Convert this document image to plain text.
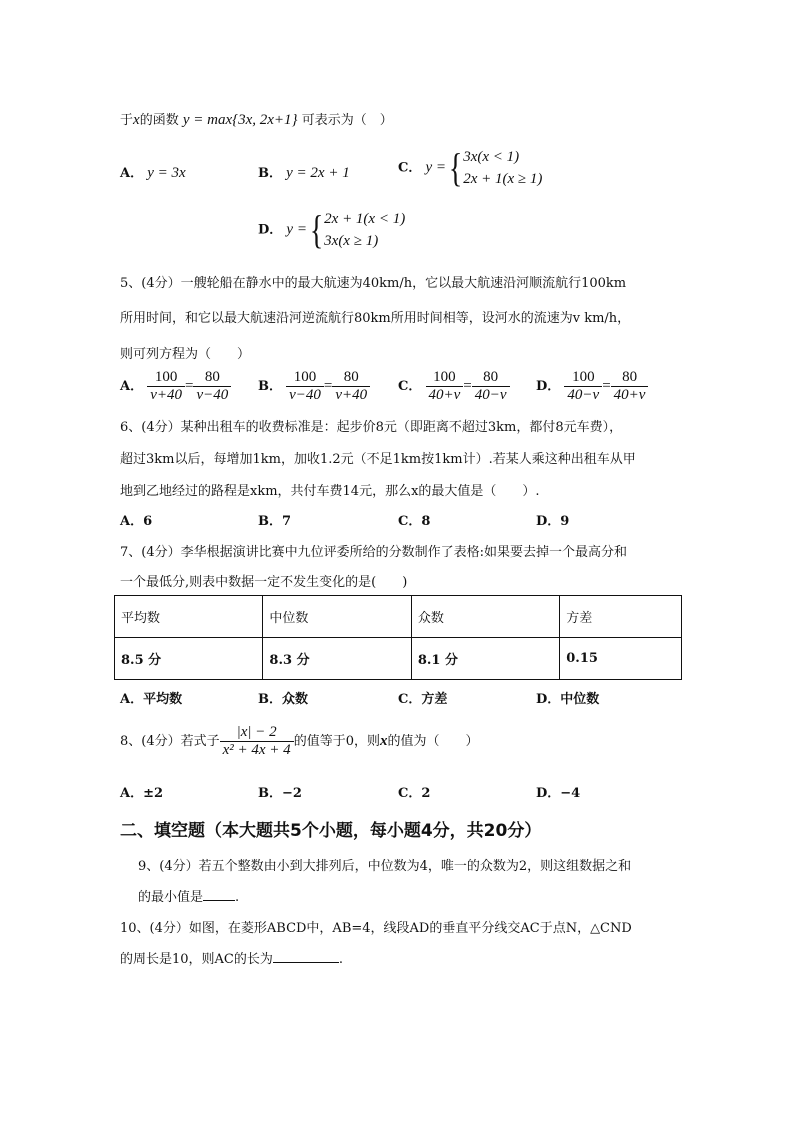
于x的函数 y = max{3x, 2x+1} 可表示为（　）
A． y = 3x	B． y = 2x + 1	C． y ={ 3x(x < 1)
2x + 1(x ≥ 1)
D． y ={ 2x + 1(x < 1)
3x(x ≥ 1)
5、(4分）一艘轮船在静水中的最大航速为40km/h，它以最大航速沿河顺流航行100km
所用时间，和它以最大航速沿河逆流航行80km所用时间相等，设河水的流速为v km/h，
则可列方程为（　　）
A． $\frac{100}{v+40} = \frac{80}{v-40}$ B． $\frac{100}{v-40} = \frac{80}{v+40}$ C． $\frac{100}{40+v} = \frac{80}{40-v}$ D． $\frac{100}{40-v} = \frac{80}{40+v}$
6、(4分）某种出租车的收费标准是：起步价8元（即距离不超过3km，都付8元车费），
超过3km以后，每增加1km，加收1.2元（不足1km按1km计）.若某人乘这种出租车从甲
地到乙地经过的路程是xkm，共付车费14元，那么x的最大值是（　　）.
A．6	B．7	C．8	D．9
7、(4分）李华根据演讲比赛中九位评委所给的分数制作了表格:如果要去掉一个最高分和
一个最低分,则表中数据一定不发生变化的是(　　)
平均数	中位数	众数	方差
8.5 分	8.3 分	8.1 分	0.15
A．平均数	B．众数	C．方差	D．中位数
8、(4分）若式子 $\frac{|x| - 2}{\text{x² + 4x + 4}}$ 的值等于0，则x的值为（　　）
A．±2	B．−2	C．2	D．−4
二、填空题（本大题共5个小题，每小题4分，共20分）
9、(4分）若五个整数由小到大排列后，中位数为4，唯一的众数为2，则这组数据之和
的最小值是 .
10、(4分）如图，在菱形ABCD中，AB=4，线段AD的垂直平分线交AC于点N，△CND
的周长是10，则AC的长为	.
